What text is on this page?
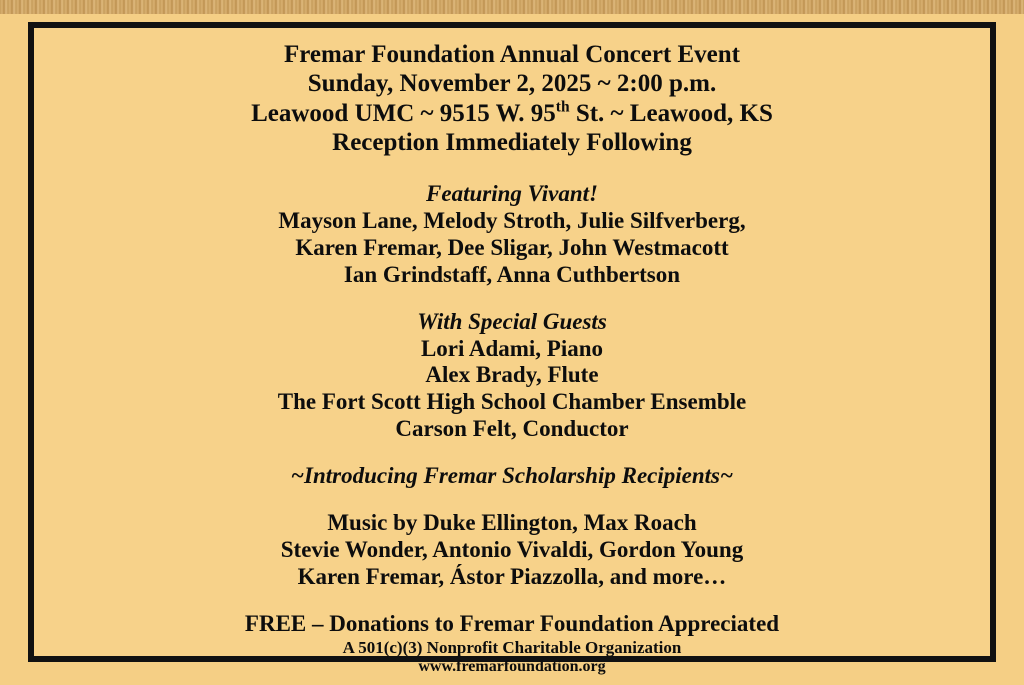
Fremar Foundation Annual Concert Event
Sunday, November 2, 2025 ~ 2:00 p.m.
Leawood UMC ~ 9515 W. 95th St. ~ Leawood, KS
Reception Immediately Following
Featuring Vivant!
Mayson Lane, Melody Stroth, Julie Silfverberg,
Karen Fremar, Dee Sligar, John Westmacott
Ian Grindstaff, Anna Cuthbertson
With Special Guests
Lori Adami, Piano
Alex Brady, Flute
The Fort Scott High School Chamber Ensemble
Carson Felt, Conductor
~Introducing Fremar Scholarship Recipients~
Music by Duke Ellington, Max Roach
Stevie Wonder, Antonio Vivaldi, Gordon Young
Karen Fremar, Ástor Piazzolla, and more…
FREE – Donations to Fremar Foundation Appreciated
A 501(c)(3) Nonprofit Charitable Organization
www.fremarfoundation.org
